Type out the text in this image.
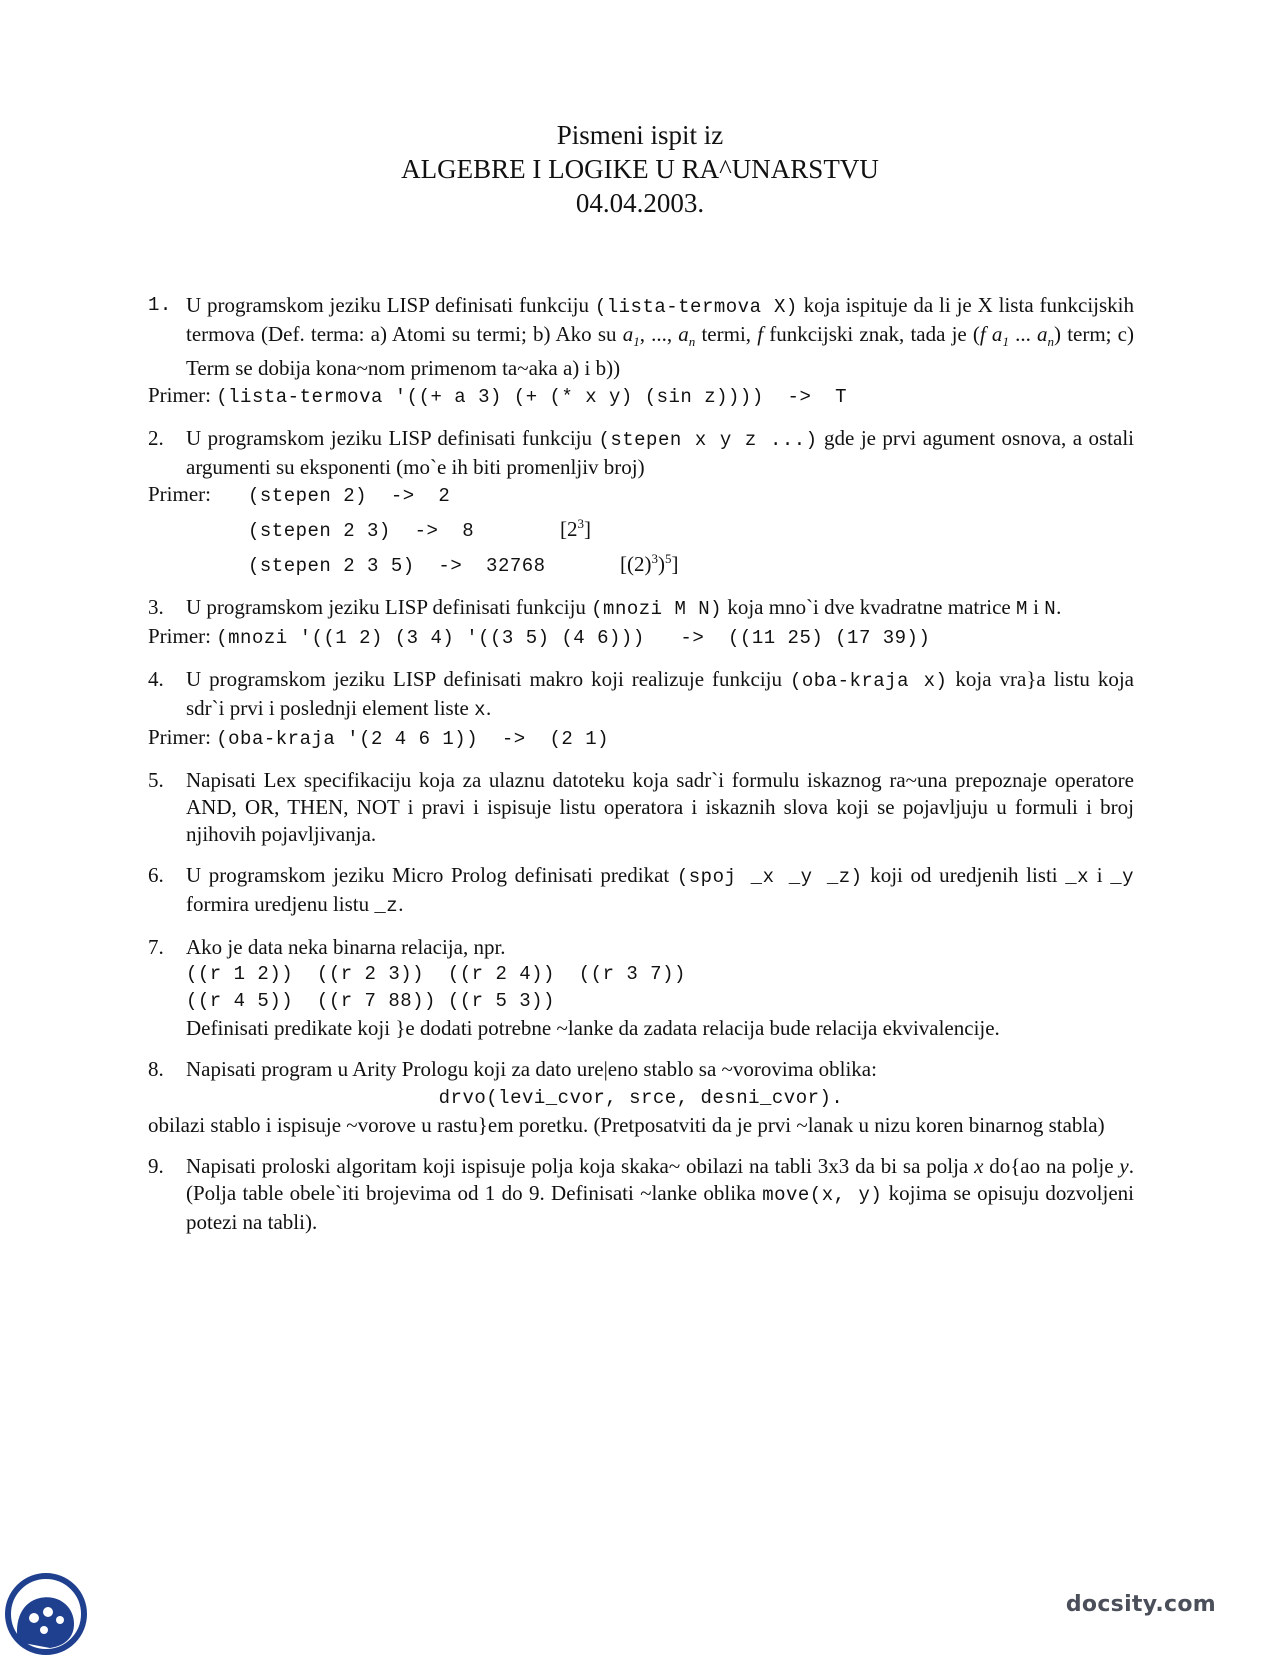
Pismeni ispit iz
ALGEBRE I LOGIKE U RA^UNARSTVU
04.04.2003.
1. U programskom jeziku LISP definisati funkciju (lista-termova X) koja ispituje da li je X lista funkcijskih termova (Def. terma: a) Atomi su termi; b) Ako su $a_1$, ..., $a_n$ termi, f funkcijski znak, tada je (f $a_1$ ... $a_n$) term; c) Term se dobija kona~nom primenom ta~aka a) i b))
Primer: (lista-termova '((+ a 3) (+ (* x y) (sin z))))  ->  T
2. U programskom jeziku LISP definisati funkciju (stepen x y z ...) gde je prvi agument osnova, a ostali argumenti su eksponenti (mo`e ih biti promenljiv broj)
Primer: (stepen 2)  ->  2
(stepen 2 3)  ->  8	$[2^3]$
(stepen 2 3 5)  ->  32768	$[(2)^3)^5$]
3. U programskom jeziku LISP definisati funkciju (mnozi M N) koja mno`i dve kvadratne matrice M i N.
Primer: (mnozi '((1 2) (3 4) '((3 5) (4 6)))   ->  ((11 25) (17 39))
4. U programskom jeziku LISP definisati makro koji realizuje funkciju (oba-kraja x) koja vra}a listu koja sdr`i prvi i poslednji element liste x.
Primer: (oba-kraja '(2 4 6 1))  ->  (2 1)
5. Napisati Lex specifikaciju koja za ulaznu datoteku koja sadr`i formulu iskaznog ra~una prepoznaje operatore AND, OR, THEN, NOT i pravi i ispisuje listu operatora i iskaznih slova koji se pojavljuju u formuli i broj njihovih pojavljivanja.
6. U programskom jeziku Micro Prolog definisati predikat (spoj _x _y _z) koji od uredjenih listi _x i _y formira uredjenu listu _z.
7. Ako je data neka binarna relacija, npr.
((r 1 2))  ((r 2 3))  ((r 2 4))  ((r 3 7))
((r 4 5))  ((r 7 88)) ((r 5 3))
Definisati predikate koji }e dodati potrebne ~lanke da zadata relacija bude relacija ekvivalencije.
8. Napisati program u Arity Prologu koji za dato ure|eno stablo sa ~vorovima oblika:
drvo(levi_cvor, srce, desni_cvor).
obilazi stablo i ispisuje ~vorove u rastu}em poretku. (Pretposatviti da je prvi ~lanak u nizu koren binarnog stabla)
9. Napisati proloski algoritam koji ispisuje polja koja skaka~ obilazi na tabli 3x3 da bi sa polja x do{ao na polje y. (Polja table obele`iti brojevima od 1 do 9. Definisati ~lanke oblika move(x, y) kojima se opisuju dozvoljeni potezi na tabli).
docsity.com
